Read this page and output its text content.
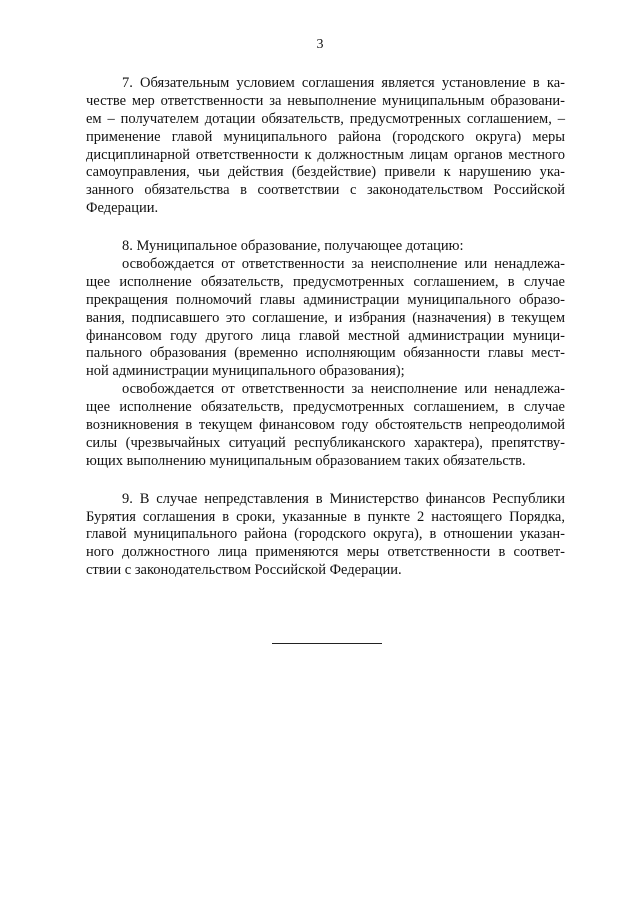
3
7. Обязательным условием соглашения является установление в ка-
честве мер ответственности за невыполнение муниципальным образовани-
ем – получателем дотации обязательств, предусмотренных соглашением, –
применение главой муниципального района (городского округа) меры
дисциплинарной ответственности к должностным лицам органов местного
самоуправления, чьи действия (бездействие) привели к нарушению ука-
занного обязательства в соответствии с законодательством Российской
Федерации.
8. Муниципальное образование, получающее дотацию:
освобождается от ответственности за неисполнение или ненадлежа-
щее исполнение обязательств, предусмотренных соглашением, в случае
прекращения полномочий главы администрации муниципального образо-
вания, подписавшего это соглашение, и избрания (назначения) в текущем
финансовом году другого лица главой местной администрации муници-
пального образования (временно исполняющим обязанности главы мест-
ной администрации муниципального образования);
освобождается от ответственности за неисполнение или ненадлежа-
щее исполнение обязательств, предусмотренных соглашением, в случае
возникновения в текущем финансовом году обстоятельств непреодолимой
силы (чрезвычайных ситуаций республиканского характера), препятству-
ющих выполнению муниципальным образованием таких обязательств.
9. В случае непредставления в Министерство финансов Республики
Бурятия соглашения в сроки, указанные в пункте 2 настоящего Порядка,
главой муниципального района (городского округа), в отношении указан-
ного должностного лица применяются меры ответственности в соответ-
ствии с законодательством Российской Федерации.
